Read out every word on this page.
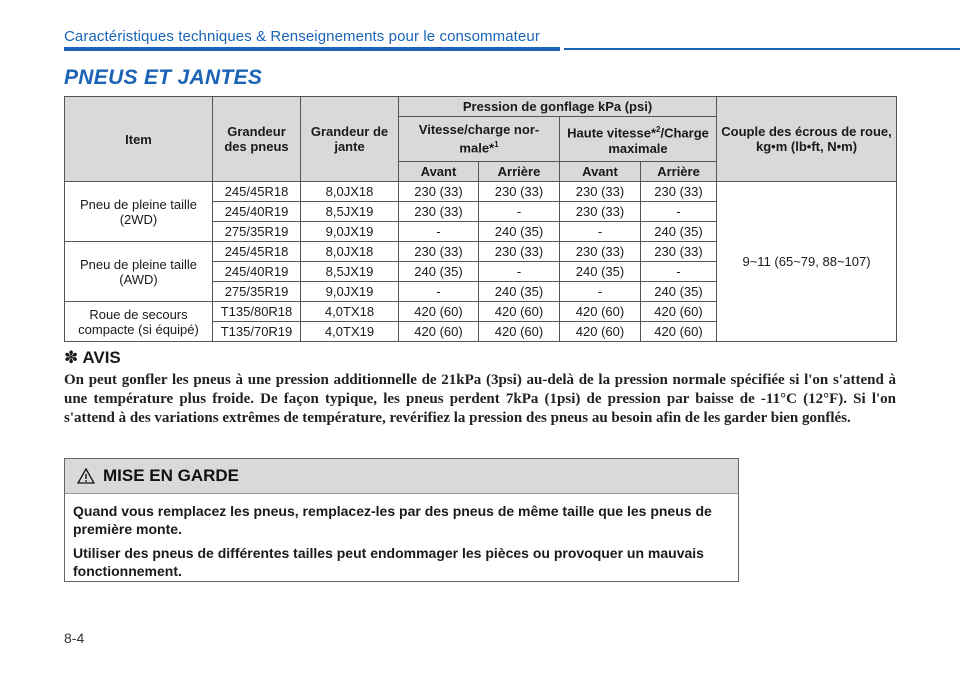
Caractéristiques techniques & Renseignements pour le consommateur
PNEUS ET JANTES
Item	Grandeur des pneus	Grandeur de jante	Pression de gonflage kPa (psi)				Couple des écrous de roue, kg•m (lb•ft, N•m)
			Vitesse/charge nor-male*$^1$		Haute vitesse*$^2$/Charge maximale		
			Avant	Arrière	Avant	Arrière	
Pneu de pleine taille (2WD)	245/45R18	8,0JX18	230 (33)	230 (33)	230 (33)	230 (33)	9~11 (65~79, 88~107)
	245/40R19	8,5JX19	230 (33)	-	230 (33)	-	
	275/35R19	9,0JX19	-	240 (35)	-	240 (35)	
Pneu de pleine taille (AWD)	245/45R18	8,0JX18	230 (33)	230 (33)	230 (33)	230 (33)	
	245/40R19	8,5JX19	240 (35)	-	240 (35)	-	
	275/35R19	9,0JX19	-	240 (35)	-	240 (35)	
Roue de secours compacte (si équipé)	T135/80R18	4,0TX18	420 (60)	420 (60)	420 (60)	420 (60)	
	T135/70R19	4,0TX19	420 (60)	420 (60)	420 (60)	420 (60)	
✽ AVIS
On peut gonfler les pneus à une pression additionnelle de 21kPa (3psi) au-delà de la pression normale spécifiée si l'on s'attend à une température plus froide. De façon typique, les pneus perdent 7kPa (1psi) de pression par baisse de -11°C (12°F). Si l'on s'attend à des variations extrêmes de température, revérifiez la pression des pneus au besoin afin de les garder bien gonflés.
MISE EN GARDE

Quand vous remplacez les pneus, remplacez-les par des pneus de même taille que les pneus de première monte.

Utiliser des pneus de différentes tailles peut endommager les pièces ou provoquer un mauvais fonctionnement.

8-4
